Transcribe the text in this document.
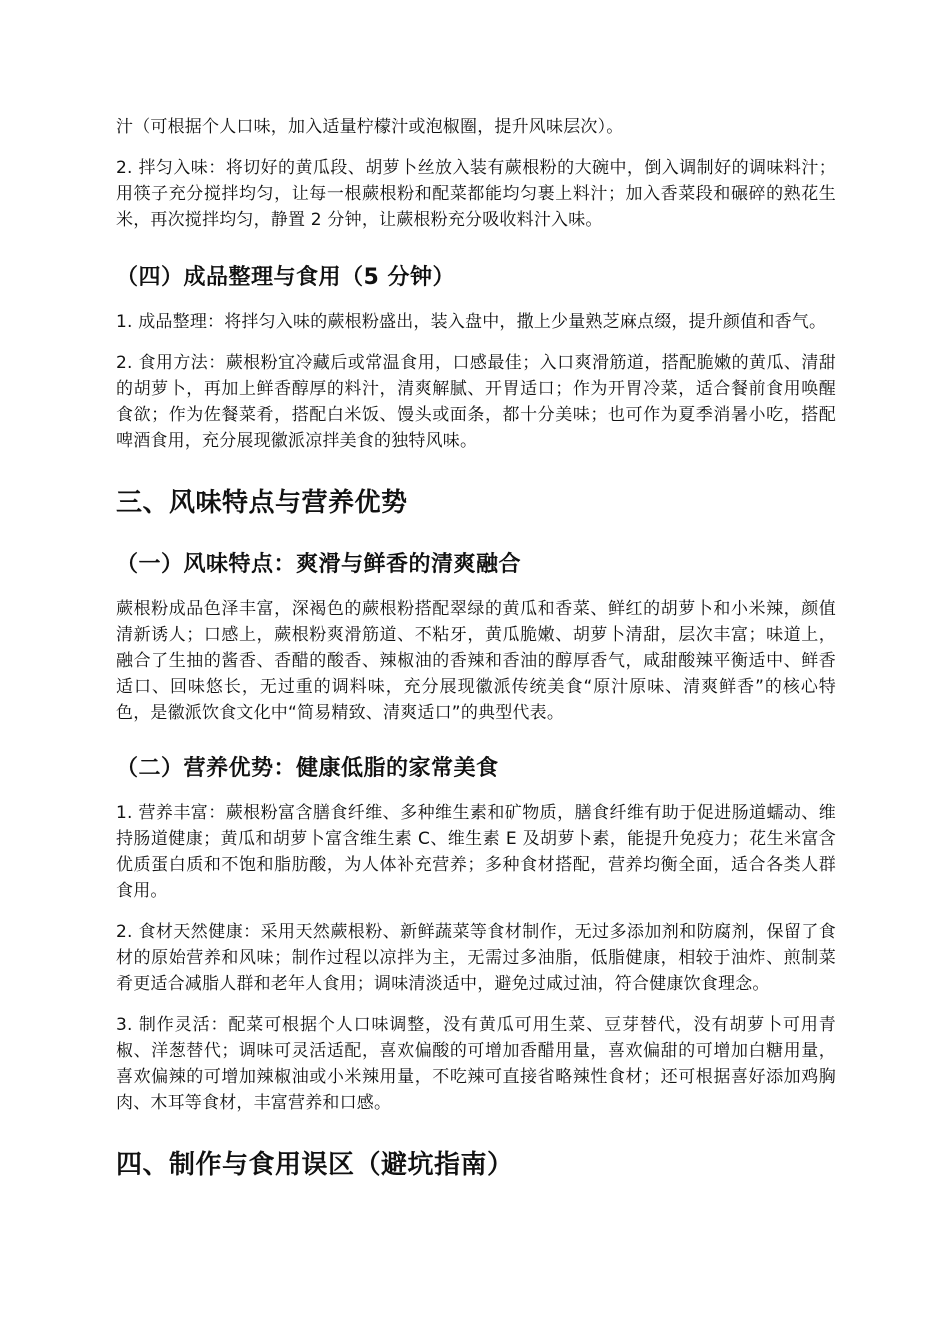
汁（可根据个人口味，加入适量柠檬汁或泡椒圈，提升风味层次）。

2. 拌匀入味：将切好的黄瓜段、胡萝卜丝放入装有蕨根粉的大碗中，倒入调制好的调味料汁；用筷子充分搅拌均匀，让每一根蕨根粉和配菜都能均匀裹上料汁；加入香菜段和碾碎的熟花生米，再次搅拌均匀，静置 2 分钟，让蕨根粉充分吸收料汁入味。

（四）成品整理与食用（5 分钟）

1. 成品整理：将拌匀入味的蕨根粉盛出，装入盘中，撒上少量熟芝麻点缀，提升颜值和香气。

2. 食用方法：蕨根粉宜冷藏后或常温食用，口感最佳；入口爽滑筋道，搭配脆嫩的黄瓜、清甜的胡萝卜，再加上鲜香醇厚的料汁，清爽解腻、开胃适口；作为开胃冷菜，适合餐前食用唤醒食欲；作为佐餐菜肴，搭配白米饭、馒头或面条，都十分美味；也可作为夏季消暑小吃，搭配啤酒食用，充分展现徽派凉拌美食的独特风味。

三、风味特点与营养优势
（一）风味特点：爽滑与鲜香的清爽融合

蕨根粉成品色泽丰富，深褐色的蕨根粉搭配翠绿的黄瓜和香菜、鲜红的胡萝卜和小米辣，颜值清新诱人；口感上，蕨根粉爽滑筋道、不粘牙，黄瓜脆嫩、胡萝卜清甜，层次丰富；味道上，融合了生抽的酱香、香醋的酸香、辣椒油的香辣和香油的醇厚香气，咸甜酸辣平衡适中、鲜香适口、回味悠长，无过重的调料味，充分展现徽派传统美食“原汁原味、清爽鲜香”的核心特色，是徽派饮食文化中“简易精致、清爽适口”的典型代表。

（二）营养优势：健康低脂的家常美食

1. 营养丰富：蕨根粉富含膳食纤维、多种维生素和矿物质，膳食纤维有助于促进肠道蠕动、维持肠道健康；黄瓜和胡萝卜富含维生素 C、维生素 E 及胡萝卜素，能提升免疫力；花生米富含优质蛋白质和不饱和脂肪酸，为人体补充营养；多种食材搭配，营养均衡全面，适合各类人群食用。

2. 食材天然健康：采用天然蕨根粉、新鲜蔬菜等食材制作，无过多添加剂和防腐剂，保留了食材的原始营养和风味；制作过程以凉拌为主，无需过多油脂，低脂健康，相较于油炸、煎制菜肴更适合减脂人群和老年人食用；调味清淡适中，避免过咸过油，符合健康饮食理念。

3. 制作灵活：配菜可根据个人口味调整，没有黄瓜可用生菜、豆芽替代，没有胡萝卜可用青椒、洋葱替代；调味可灵活适配，喜欢偏酸的可增加香醋用量，喜欢偏甜的可增加白糖用量，喜欢偏辣的可增加辣椒油或小米辣用量，不吃辣可直接省略辣性食材；还可根据喜好添加鸡胸肉、木耳等食材，丰富营养和口感。

四、制作与食用误区（避坑指南）
